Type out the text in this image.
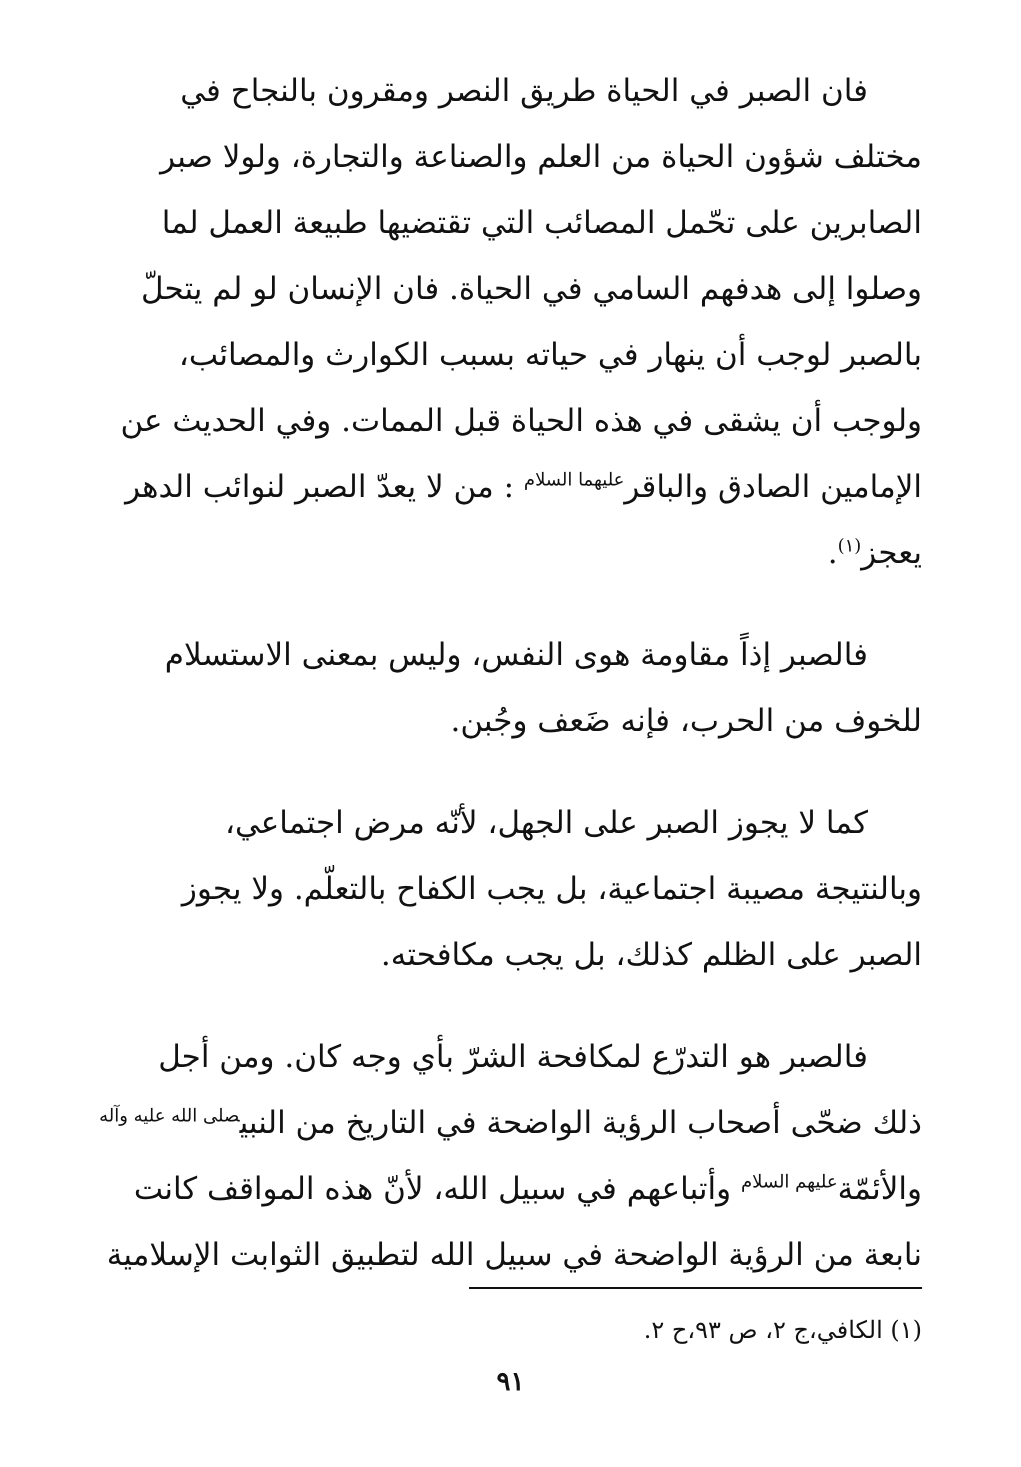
فان الصبر في الحياة طريق النصر ومقرون بالنجاح في
مختلف شؤون الحياة من العلم والصناعة والتجارة، ولولا صبر
الصابرين على تحّمل المصائب التي تقتضيها طبيعة العمل لما
وصلوا إلى هدفهم السامي في الحياة. فان الإنسان لو لم يتحلّ
بالصبر لوجب أن ينهار في حياته بسبب الكوارث والمصائب،
ولوجب أن يشقى في هذه الحياة قبل الممات. وفي الحديث عن
الإمامين الصادق والباقر$^{عليهما السلام}$ : من لا يعدّ الصبر لنوائب الدهر
يعجز$^{(١)}$.

فالصبر إذاً مقاومة هوى النفس، وليس بمعنى الاستسلام
للخوف من الحرب، فإنه ضَعف وجُبن.

كما لا يجوز الصبر على الجهل، لأنّه مرض اجتماعي،
وبالنتيجة مصيبة اجتماعية، بل يجب الكفاح بالتعلّم. ولا يجوز
الصبر على الظلم كذلك، بل يجب مكافحته.

فالصبر هو التدرّع لمكافحة الشرّ بأي وجه كان. ومن أجل
ذلك ضحّى أصحاب الرؤية الواضحة في التاريخ من النبي$^{صلى الله عليه وآله}$
والأئمّة$^{عليهم السلام}$ وأتباعهم في سبيل الله، لأنّ هذه المواقف كانت
نابعة من الرؤية الواضحة في سبيل الله لتطبيق الثوابت الإسلامية

(١) الكافي،ج ٢، ص ٩٣،ح ٢.
٩١
